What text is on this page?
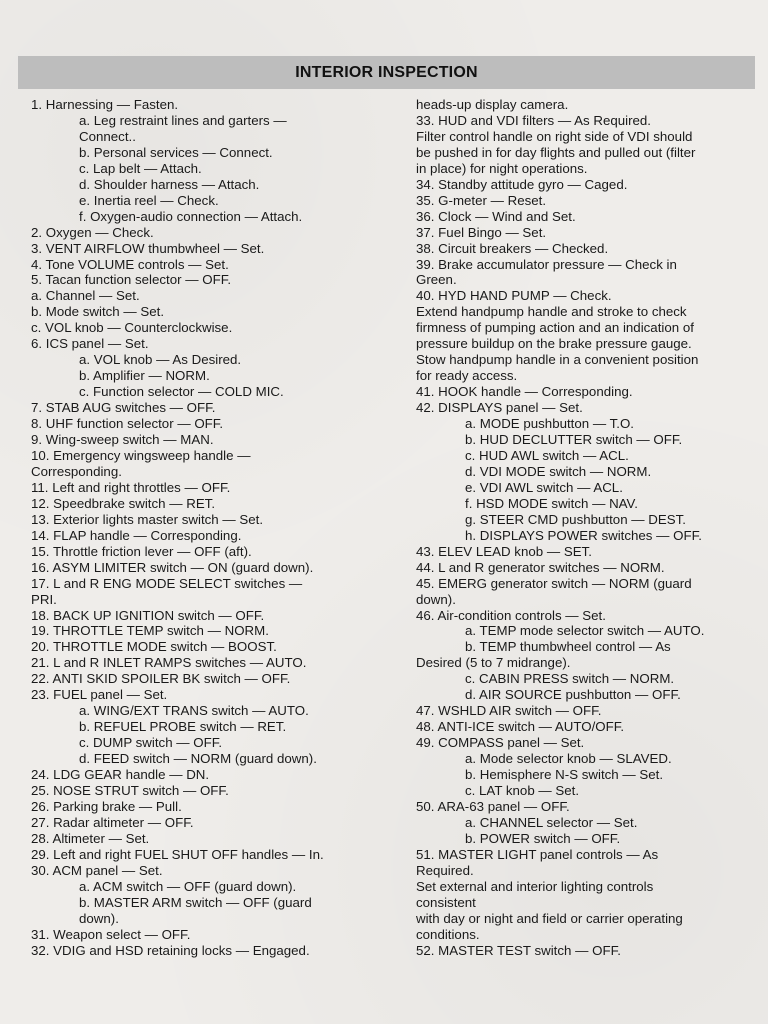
INTERIOR INSPECTION
1. Harnessing — Fasten.
a. Leg restraint lines and garters —
Connect..
b. Personal services — Connect.
c. Lap belt — Attach.
d. Shoulder harness — Attach.
e. Inertia reel — Check.
f. Oxygen-audio connection — Attach.
2. Oxygen — Check.
3. VENT AIRFLOW thumbwheel — Set.
4. Tone VOLUME controls — Set.
5. Tacan function selector — OFF.
a. Channel — Set.
b. Mode switch — Set.
c. VOL knob — Counterclockwise.
6. ICS panel — Set.
a. VOL knob — As Desired.
b. Amplifier — NORM.
c. Function selector — COLD MIC.
7. STAB AUG switches — OFF.
8. UHF function selector — OFF.
9. Wing-sweep switch — MAN.
10. Emergency wingsweep handle —
Corresponding.
11. Left and right throttles — OFF.
12. Speedbrake switch — RET.
13. Exterior lights master switch — Set.
14. FLAP handle — Corresponding.
15. Throttle friction lever — OFF (aft).
16. ASYM LIMITER switch — ON (guard down).
17. L and R ENG MODE SELECT switches —
PRI.
18. BACK UP IGNITION switch — OFF.
19. THROTTLE TEMP switch — NORM.
20. THROTTLE MODE switch — BOOST.
21. L and R INLET RAMPS switches — AUTO.
22. ANTI SKID SPOILER BK switch — OFF.
23. FUEL panel — Set.
a. WING/EXT TRANS switch — AUTO.
b. REFUEL PROBE switch — RET.
c. DUMP switch — OFF.
d. FEED switch — NORM (guard down).
24. LDG GEAR handle — DN.
25. NOSE STRUT switch — OFF.
26. Parking brake — Pull.
27. Radar altimeter — OFF.
28. Altimeter — Set.
29. Left and right FUEL SHUT OFF handles — In.
30. ACM panel — Set.
a. ACM switch — OFF (guard down).
b. MASTER ARM switch — OFF (guard
down).
31. Weapon select — OFF.
32. VDIG and HSD retaining locks — Engaged.
heads-up display camera.
33. HUD and VDI filters — As Required.
Filter control handle on right side of VDI should
be pushed in for day flights and pulled out (filter
in place) for night operations.
34. Standby attitude gyro — Caged.
35. G-meter — Reset.
36. Clock — Wind and Set.
37. Fuel Bingo — Set.
38. Circuit breakers — Checked.
39. Brake accumulator pressure — Check in
Green.
40. HYD HAND PUMP — Check.
Extend handpump handle and stroke to check
firmness of pumping action and an indication of
pressure buildup on the brake pressure gauge.
Stow handpump handle in a convenient position
for ready access.
41. HOOK handle — Corresponding.
42. DISPLAYS panel — Set.
a. MODE pushbutton — T.O.
b. HUD DECLUTTER switch — OFF.
c. HUD AWL switch — ACL.
d. VDI MODE switch — NORM.
e. VDI AWL switch — ACL.
f. HSD MODE switch — NAV.
g. STEER CMD pushbutton — DEST.
h. DISPLAYS POWER switches — OFF.
43. ELEV LEAD knob — SET.
44. L and R generator switches — NORM.
45. EMERG generator switch — NORM (guard
down).
46. Air-condition controls — Set.
a. TEMP mode selector switch — AUTO.
b. TEMP thumbwheel control — As
Desired (5 to 7 midrange).
c. CABIN PRESS switch — NORM.
d. AIR SOURCE pushbutton — OFF.
47. WSHLD AIR switch — OFF.
48. ANTI-ICE switch — AUTO/OFF.
49. COMPASS panel — Set.
a. Mode selector knob — SLAVED.
b. Hemisphere N-S switch — Set.
c. LAT knob — Set.
50. ARA-63 panel — OFF.
a. CHANNEL selector — Set.
b. POWER switch — OFF.
51. MASTER LIGHT panel controls — As
Required.
Set external and interior lighting controls
consistent
with day or night and field or carrier operating
conditions.
52. MASTER TEST switch — OFF.
